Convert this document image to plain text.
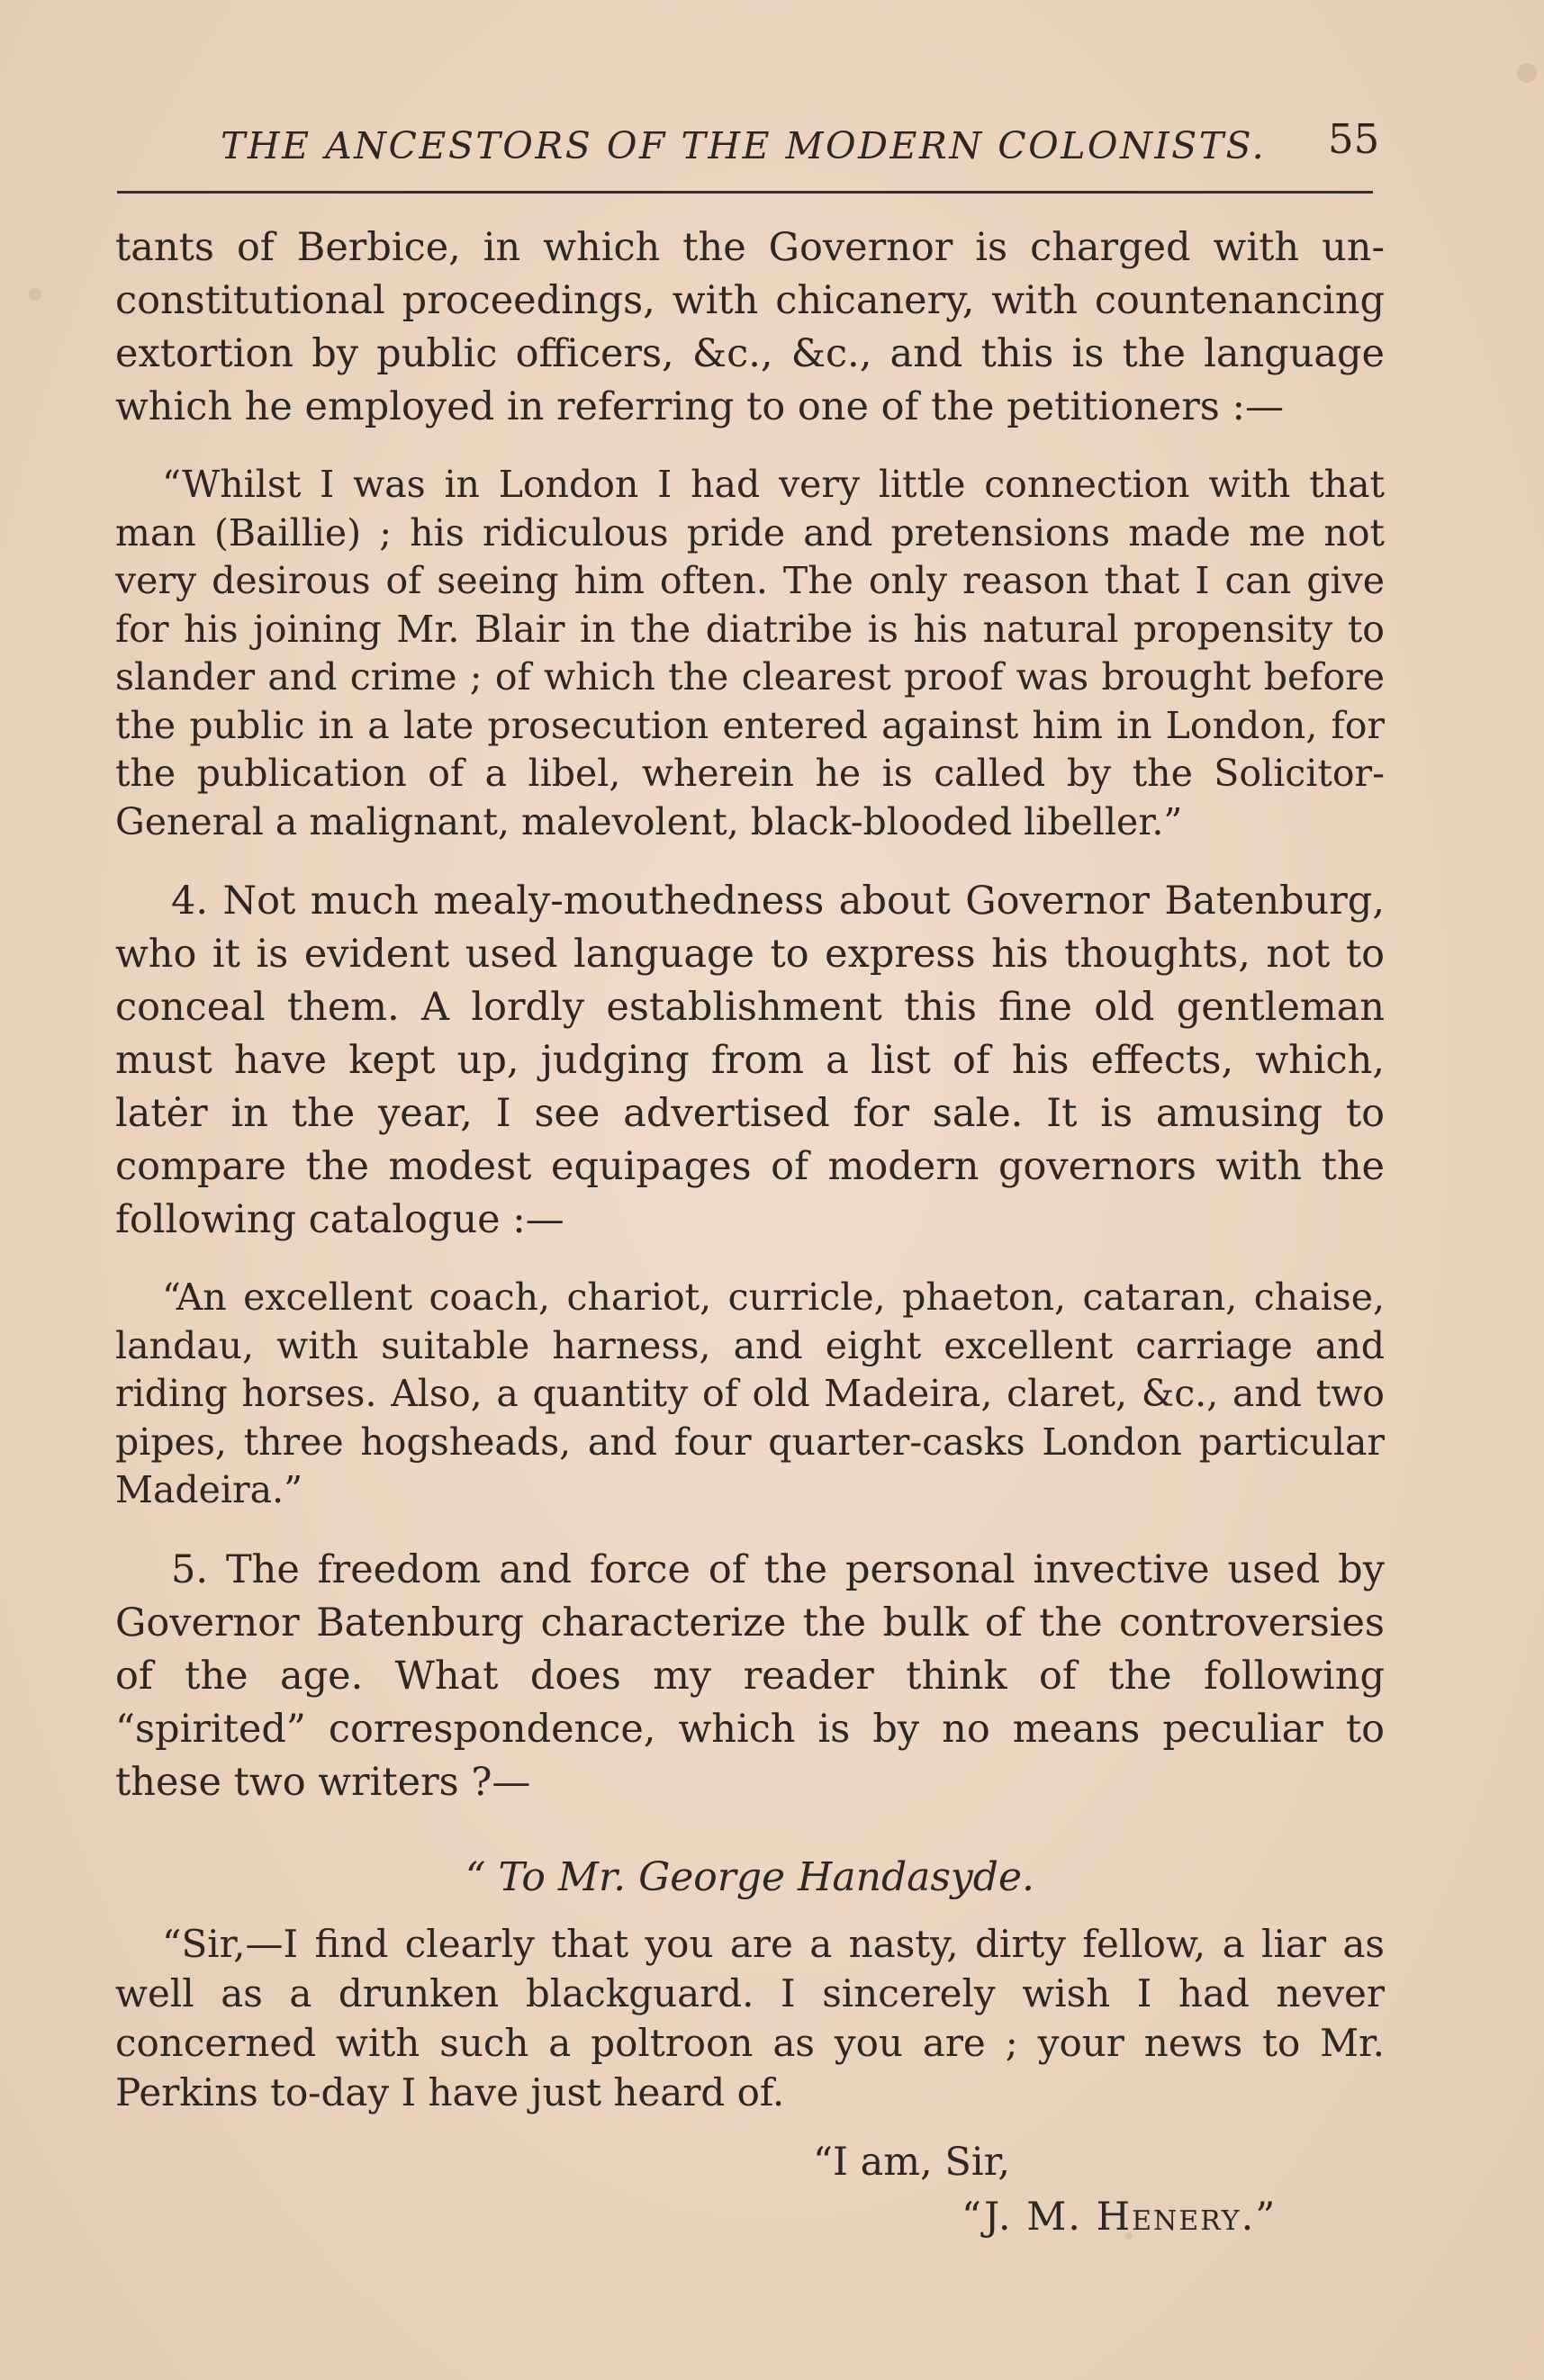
THE ANCESTORS OF THE MODERN COLONISTS. 55

tants of Berbice, in which the Governor is charged with un-constitutional proceedings, with chicanery, with countenancing extortion by public officers, &c., &c., and this is the language which he employed in referring to one of the petitioners :—

“Whilst I was in London I had very little connection with that man (Baillie) ; his ridiculous pride and pretensions made me not very desirous of seeing him often. The only reason that I can give for his joining Mr. Blair in the diatribe is his natural propensity to slander and crime ; of which the clearest proof was brought before the public in a late prosecution entered against him in London, for the publication of a libel, wherein he is called by the Solicitor-General a malignant, malevolent, black-blooded libeller.”

4. Not much mealy-mouthedness about Governor Batenburg, who it is evident used language to express his thoughts, not to conceal them. A lordly establishment this fine old gentleman must have kept up, judging from a list of his effects, which, latėr in the year, I see advertised for sale. It is amusing to compare the modest equipages of modern governors with the following catalogue :—

“An excellent coach, chariot, curricle, phaeton, cataran, chaise, landau, with suitable harness, and eight excellent carriage and riding horses. Also, a quantity of old Madeira, claret, &c., and two pipes, three hogsheads, and four quarter-casks London particular Madeira.”

5. The freedom and force of the personal invective used by Governor Batenburg characterize the bulk of the controversies of the age. What does my reader think of the following “spirited” correspondence, which is by no means peculiar to these two writers ?—

“ To Mr. George Handasyde.

“Sir,—I find clearly that you are a nasty, dirty fellow, a liar as well as a drunken blackguard. I sincerely wish I had never concerned with such a poltroon as you are ; your news to Mr. Perkins to-day I have just heard of.

“I am, Sir,

“J. M. Henery.”
